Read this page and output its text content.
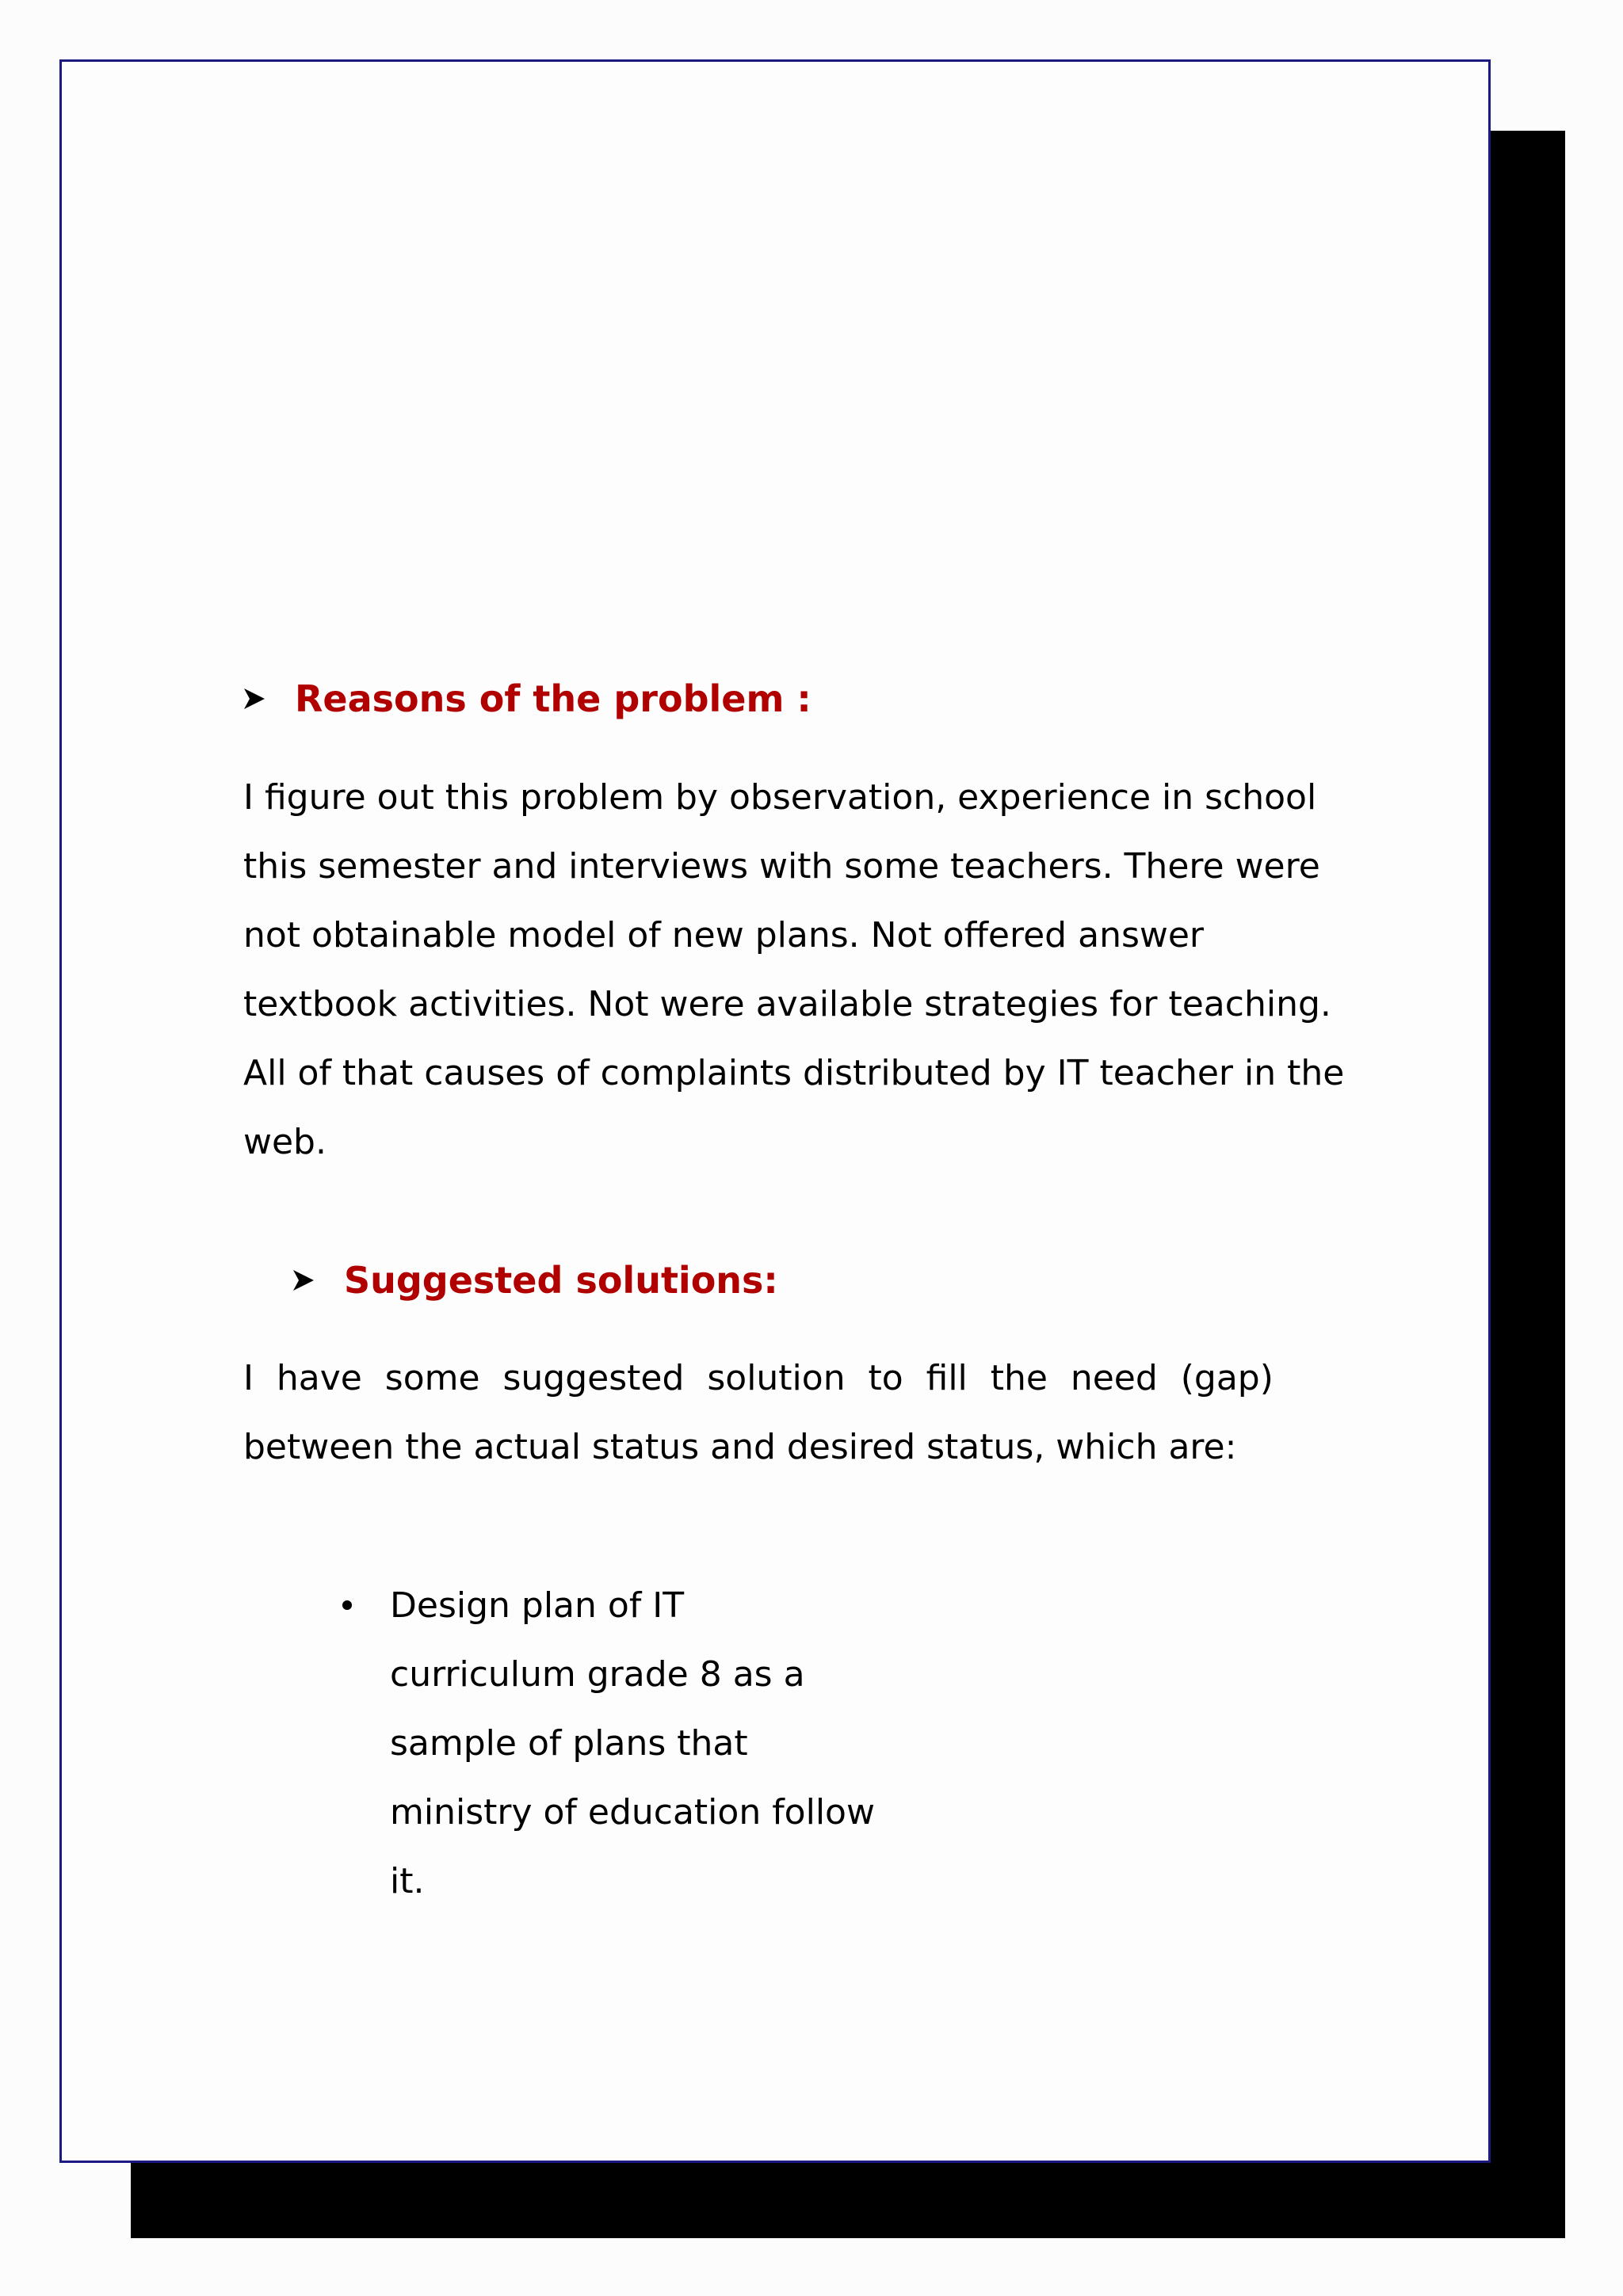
Reasons of the problem :
I figure out this problem by observation, experience in school
this semester and interviews with some teachers. There were
not obtainable model of new plans. Not offered answer
textbook activities. Not were available strategies for teaching.
All of that causes of complaints distributed by IT teacher in the
web.
Suggested solutions:
I have some suggested solution to fill the need (gap)
between the actual status and desired status, which are:
Design plan of IT
curriculum grade 8 as a
sample of plans that
ministry of education follow
it.
